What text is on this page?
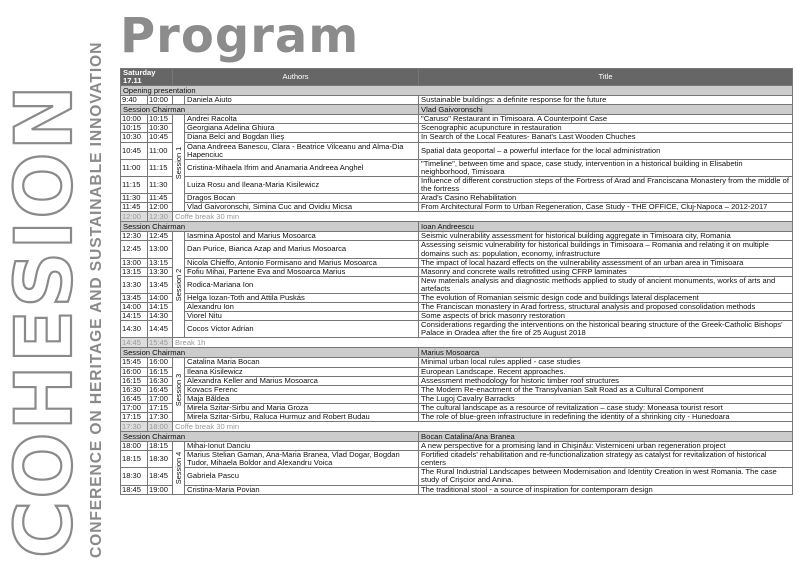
COHESION
CONFERENCE ON HERITAGE AND SUSTAINABLE INNOVATION
Program
Saturday 17.11		Authors		Title
Opening presentation				
9:40	10:00		Daniela Aiuto	Sustainable buildings: a definite response for the future
Session Chairman				Vlad Gaivoronschi
10:00	10:15	Session 1	Andrei Racolta	"Caruso" Restaurant in Timisoara. A Counterpoint Case
10:15	10:30		Georgiana Adelina Ghiura	Scenographic acupuncture in restauration
10:30	10:45		Diana Belci and Bogdan Ilieş	In Search of the Local Features- Banat's Last Wooden Chuches
10:45	11:00		Oana Andreea Banescu, Clara - Beatrice Vilceanu and Alma-Dia Hapenciuc	Spatial data geoportal – a powerful interface for the local administration
11:00	11:15		Cristina-Mihaela Ifrim and Anamaria Andreea Anghel	"Timeline", between time and space, case study, intervention in a historical building in Elisabetin neighborhood, Timisoara
11:15	11:30		Luiza Rosu and Ileana-Maria Kisilewicz	Influence of different construction steps of the Fortress of Arad and Franciscana Monastery from the middle of the fortress
11:30	11:45		Dragos Bocan	Arad's Casino Rehabilitation
11:45	12:00		Vlad Gaivoronschi, Simina Cuc and Ovidiu Micsa	From Architectural Form to Urban Regeneration, Case Study - THE OFFICE, Cluj-Napoca – 2012-2017
12:00	12:30	Coffe break 30 min		
Session Chairman				Ioan Andreescu
12:30	12:45	Session 2	Iasmina Apostol and Marius Mosoarca	Seismic vulnerability assessment for historical building aggregate in Timisoara city, Romania
12:45	13:00		Dan Purice, Bianca Azap and Marius Mosoarca	Assessing seismic vulnerability for historical buildings in Timisoara – Romania and relating it on multiple domains such as: population, economy, infrastructure
13:00	13:15		Nicola Chieffo, Antonio Formisano and Marius Mosoarca	The impact of local hazard effects on the vulnerability assessment of an urban area in Timisoara
13:15	13:30		Fofiu Mihai, Partene Eva and Mosoarca Marius	Masonry and concrete walls retrofitted using CFRP laminates
13:30	13:45		Rodica-Mariana Ion	New materials analysis and diagnostic methods applied to study of ancient monuments, works of arts and artefacts
13:45	14:00		Helga Iozan-Toth and Attila Puskás	The evolution of Romanian seismic design code and buildings lateral displacement
14:00	14:15		Alexandru Ion	The Franciscan monastery in Arad fortress, structural analysis and proposed consolidation methods
14:15	14:30		Viorel Nitu	Some aspects of brick masonry restoration
14:30	14:45		Cocos Victor Adrian	Considerations regarding the interventions on the historical bearing structure of the Greek-Catholic Bishops' Palace in Oradea after the fire of 25 August 2018
14:45	15:45	Break 1h		
Session Chairman				Marius Mosoarca
15:45	16:00	Session 3	Catalina Maria Bocan	Minimal urban local rules applied - case studies
16:00	16:15		Ileana Kisilewicz	European Landscape. Recent approaches.
16:15	16:30		Alexandra Keller and Marius Mosoarca	Assessment methodology for historic timber roof structures
16:30	16:45		Kovacs Ferenc	The Modern Re-enactment of the Transylvanian Salt Road as a Cultural Component
16:45	17:00		Maja Băldea	The Lugoj Cavalry Barracks
17:00	17:15		Mirela Szitar-Sirbu and Maria Groza	The cultural landscape as a resource of revitalization – case study: Moneasa tourist resort
17:15	17:30		Mirela Szitar-Sirbu, Raluca Hurmuz and Robert Budau	The role of blue-green infrastructure in redefining the identity of a shrinking city - Hunedoara
17:30	18:00	Coffe break 30 min		
Session Chairman				Bocan Catalina/Ana Branea
18:00	18:15	Session 4	Mihai-Ionut Danciu	A new perspective for a promising land in Chişinău: Visterniceni urban regeneration project
18:15	18:30		Marius Stelian Gaman, Ana-Maria Branea, Vlad Dogar, Bogdan Tudor, Mihaela Boldor and Alexandru Voica	Fortified citadels' rehabilitation and re-functionalization strategy as catalyst for revitalization of historical centers
18:30	18:45		Gabriela Pascu	The Rural Industrial Landscapes between Modernisation and Identity Creation in west Romania. The case study of Crişcior and Anina.
18:45	19:00		Cristina-Maria Povian	The traditional stool - a source of inspiration for contemporarn design
